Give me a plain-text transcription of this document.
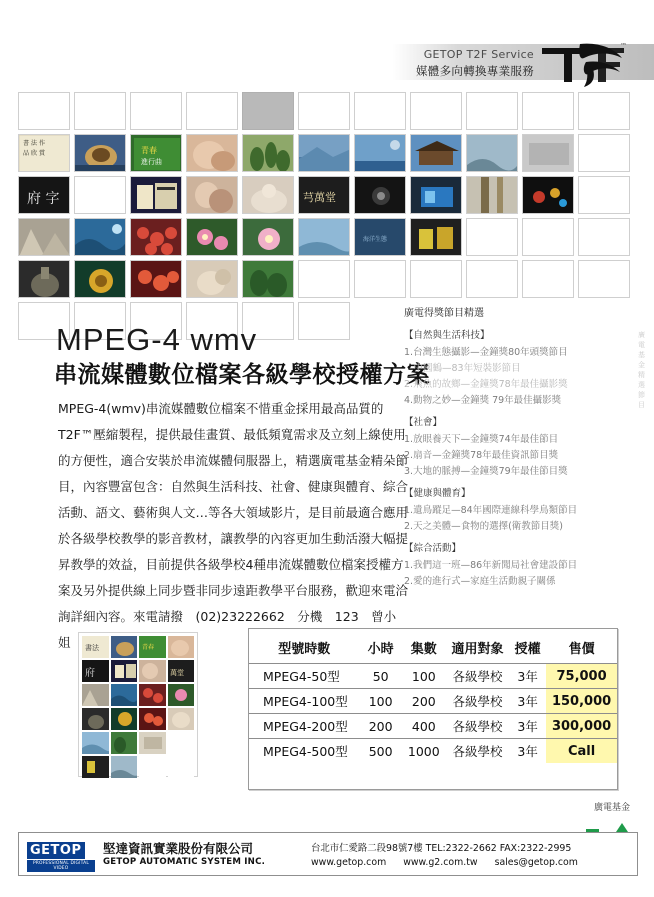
GETOP T2F Service
媒體多向轉換專業服務
™
書 法 作
品 欣 賞	青春
進行曲
府 字	芎萬堂
海洋生態
MPEG-4 wmv
串流媒體數位檔案各級學校授權方案
MPEG-4(wmv)串流媒體數位檔案不惜重金採用最高品質的T2F™壓縮製程，提供最佳畫質、最低頻寬需求及立刻上線使用的方便性，適合安裝於串流媒體伺服器上，精選廣電基金精朵節目，內容豐富包含：自然與生活科技、社會、健康與體育、綜合活動、語文、藝術與人文…等各大領域影片，是目前最適合應用於各級學校教學的影音教材，讓教學的內容更加生動活潑大幅提昇教學的效益，目前提供各級學校4種串流媒體數位檔案授權方案及另外提供線上同步暨非同步遠距教學平台服務，歡迎來電洽詢詳細內容。來電請撥　(02)23222662　分機　123　曾小姐
廣電得獎節目精選
【自然與生活科技】
1.台灣生態攝影—金鐘獎80年頭獎節目
　中國鶴—83年短裝影節目
2.飛魚的故鄉—金鐘獎78年最佳攝影獎
4.動物之妙—金鐘獎 79年最佳攝影獎
【社會】
1.放眼養天下—金鐘獎74年最佳節目
2.扇音—金鐘獎78年最佳資訊節目獎
3.大地的脈搏—金鐘獎79年最佳節目獎
【健康與體育】
1.遺鳥蹤足—84年國際連線科學鳥類節目
2.天之美體—食物的選擇(衛教節目獎)
【綜合活動】
1.我們這一班—86年新聞局社會建設節目
2.愛的進行式—家庭生活動親子關係
廣 電 基 金 精 選 節 目
書法	青春
府	萬堂
型號時數	小時	集數	適用對象	授權	售價
MPEG4-50型	50	100	各級學校	3年	75,000
MPEG4-100型	100	200	各級學校	3年	150,000
MPEG4-200型	200	400	各級學校	3年	300,000
MPEG4-500型	500	1000	各級學校	3年	Call
廣電基金
GETOP
PROFESSIONAL DIGITAL VIDEO
堅達資訊實業股份有限公司
GETOP AUTOMATIC SYSTEM INC.
台北市仁愛路二段98號7樓 TEL:2322-2662 FAX:2322-2995
www.getop.com www.g2.com.tw sales@getop.com
